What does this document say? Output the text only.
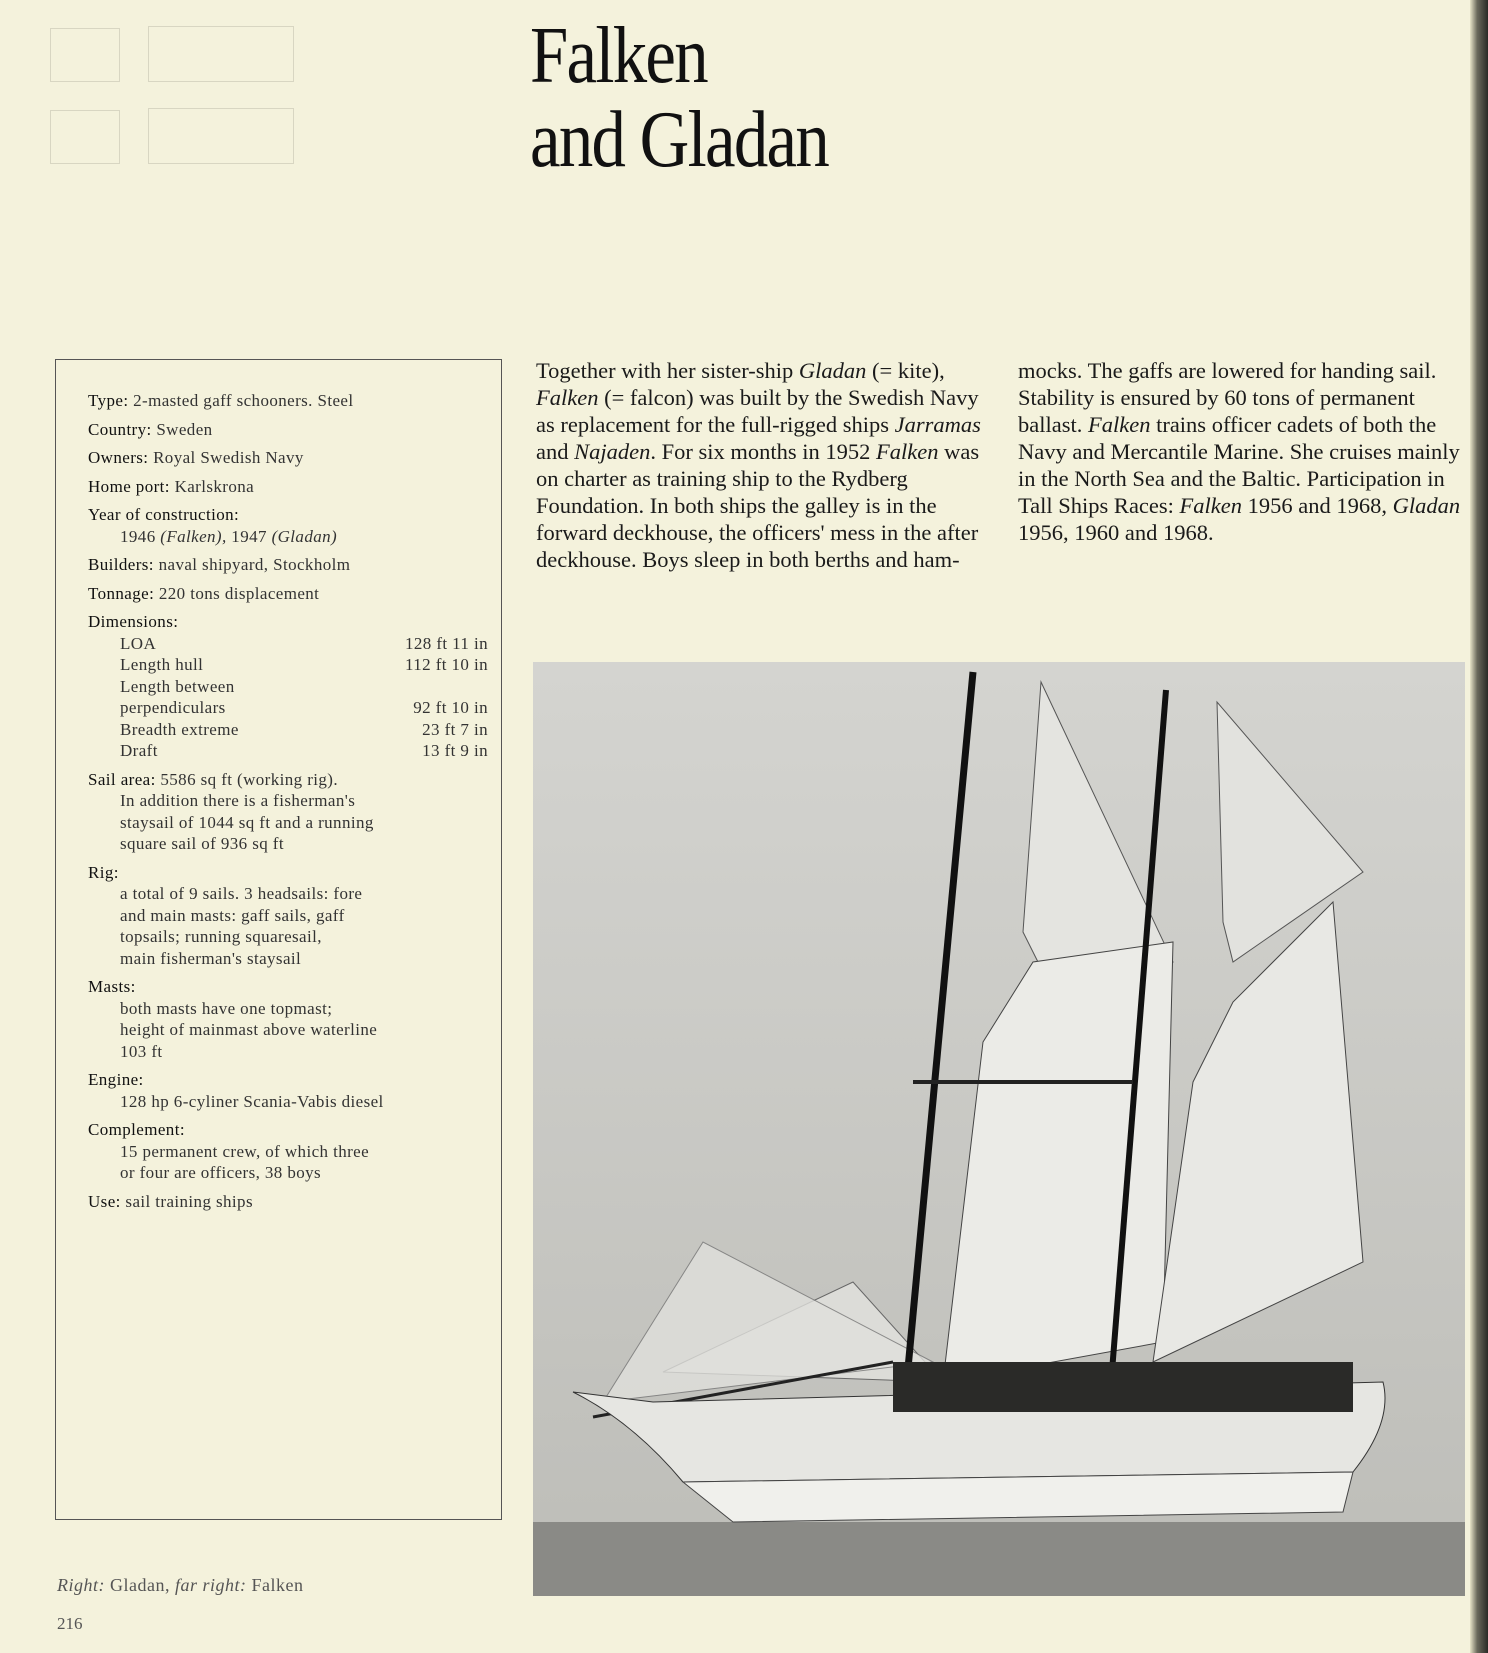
Falken
and Gladan
Type: 2-masted gaff schooners. Steel
Country: Sweden
Owners: Royal Swedish Navy
Home port: Karlskrona
Year of construction:
1946 (Falken), 1947 (Gladan)
Builders: naval shipyard, Stockholm
Tonnage: 220 tons displacement
Dimensions:
LOA	128 ft 11 in
Length hull	112 ft 10 in
Length between
perpendiculars	92 ft 10 in
Breadth extreme	23 ft 7 in
Draft	13 ft 9 in
Sail area: 5586 sq ft (working rig).
In addition there is a fisherman's
staysail of 1044 sq ft and a running
square sail of 936 sq ft
Rig:
a total of 9 sails. 3 headsails: fore
and main masts: gaff sails, gaff
topsails; running squaresail,
main fisherman's staysail
Masts:
both masts have one topmast;
height of mainmast above waterline
103 ft
Engine:
128 hp 6-cyliner Scania-Vabis diesel
Complement:
15 permanent crew, of which three
or four are officers, 38 boys
Use: sail training ships
Together with her sister-ship Gladan (= kite), Falken (= falcon) was built by the Swedish Navy as replacement for the full-rigged ships Jarramas and Najaden. For six months in 1952 Falken was on charter as training ship to the Rydberg Foundation. In both ships the galley is in the forward deckhouse, the officers' mess in the after deckhouse. Boys sleep in both berths and ham-
mocks. The gaffs are lowered for handing sail. Stability is ensured by 60 tons of permanent ballast. Falken trains officer cadets of both the Navy and Mercantile Marine. She cruises mainly in the North Sea and the Baltic. Participation in Tall Ships Races: Falken 1956 and 1968, Gladan 1956, 1960 and 1968.
Right: Gladan, far right: Falken
216
